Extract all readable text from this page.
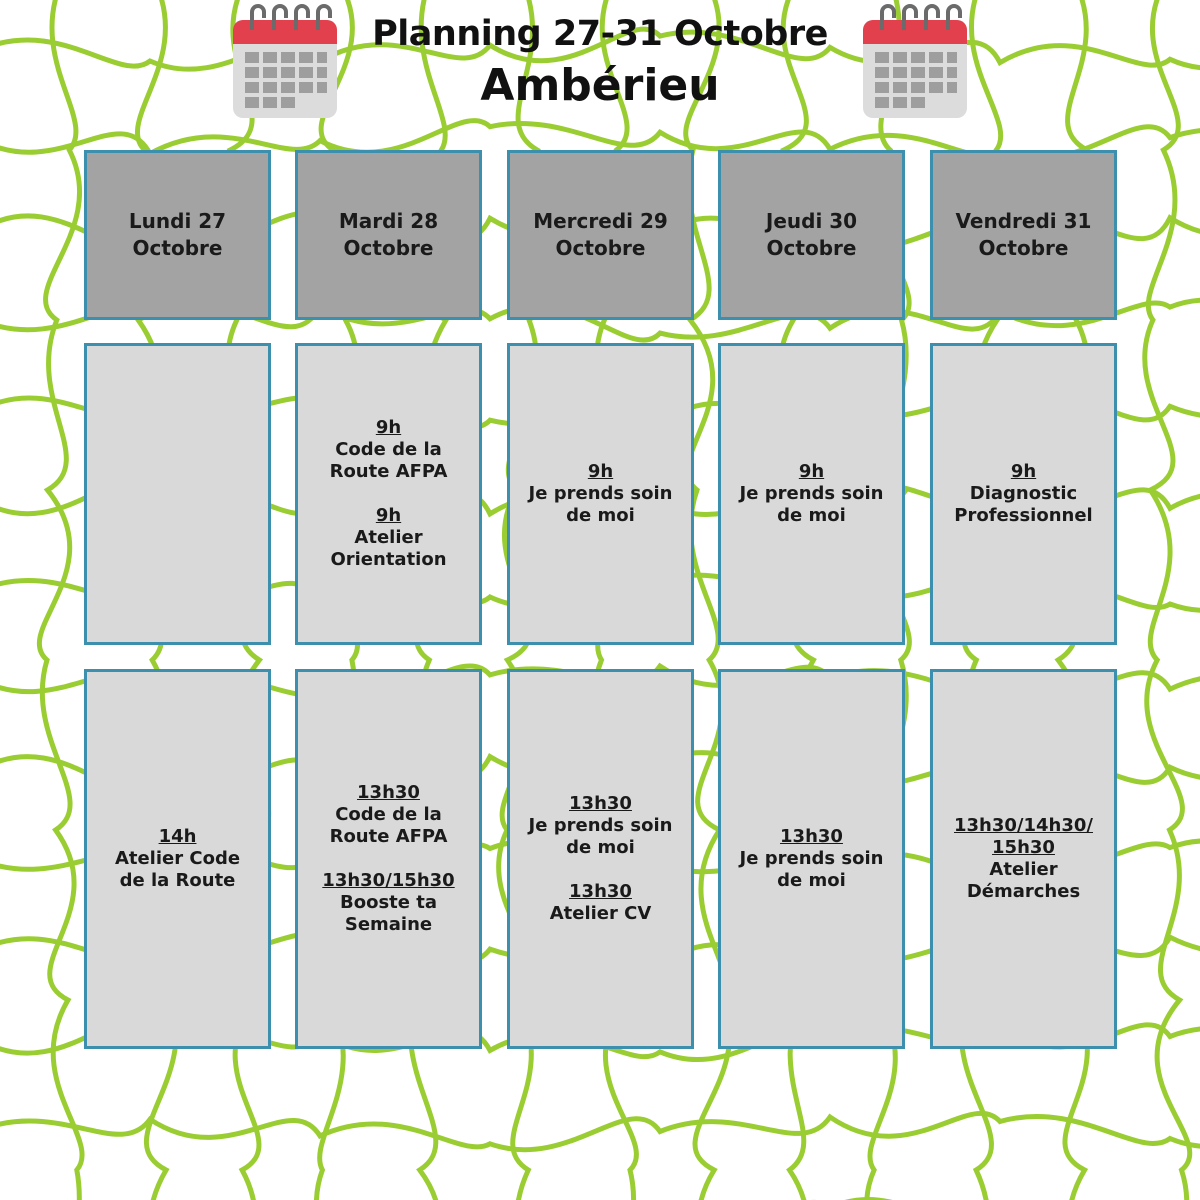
Planning 27-31 Octobre
Ambérieu
Lundi 27
Octobre
14h
Atelier Code
de la Route
Mardi 28
Octobre
9h
Code de la
Route AFPA
9h
Atelier
Orientation
13h30
Code de la
Route AFPA
13h30/15h30
Booste ta
Semaine
Mercredi 29
Octobre
9h
Je prends soin
de moi
13h30
Je prends soin
de moi
13h30
Atelier CV
Jeudi 30
Octobre
9h
Je prends soin
de moi
13h30
Je prends soin
de moi
Vendredi 31
Octobre
9h
Diagnostic
Professionnel
13h30/14h30/ 15h30
Atelier
Démarches
